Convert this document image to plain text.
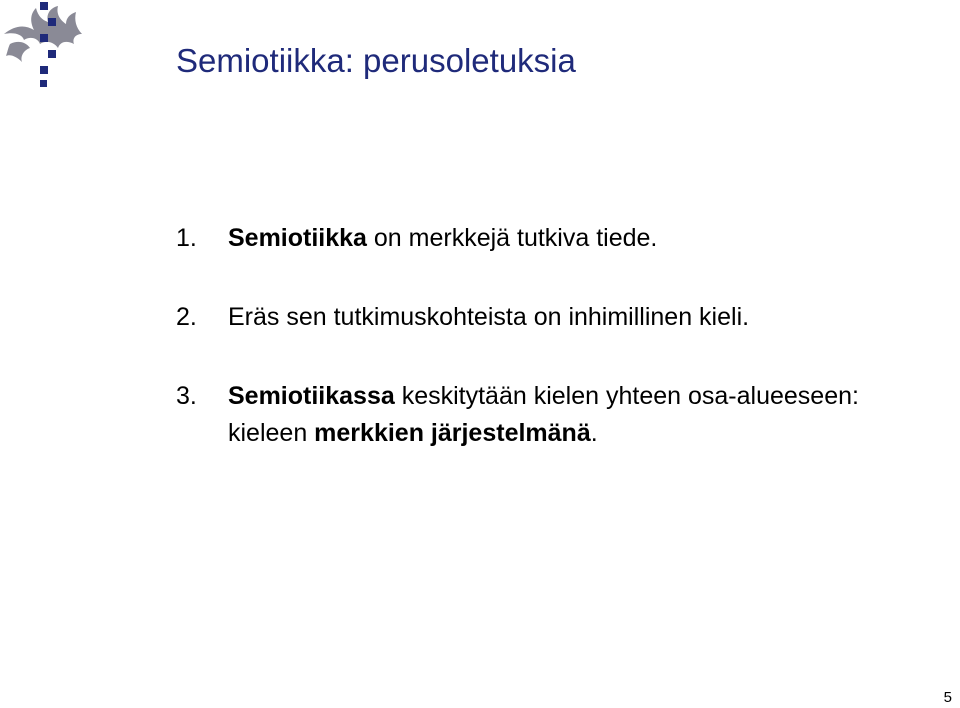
Semiotiikka: perusoletuksia
1. Semiotiikka on merkkejä tutkiva tiede.
2. Eräs sen tutkimuskohteista on inhimillinen kieli.
3. Semiotiikassa keskitytään kielen yhteen osa-alueeseen: kieleen merkkien järjestelmänä.
5
